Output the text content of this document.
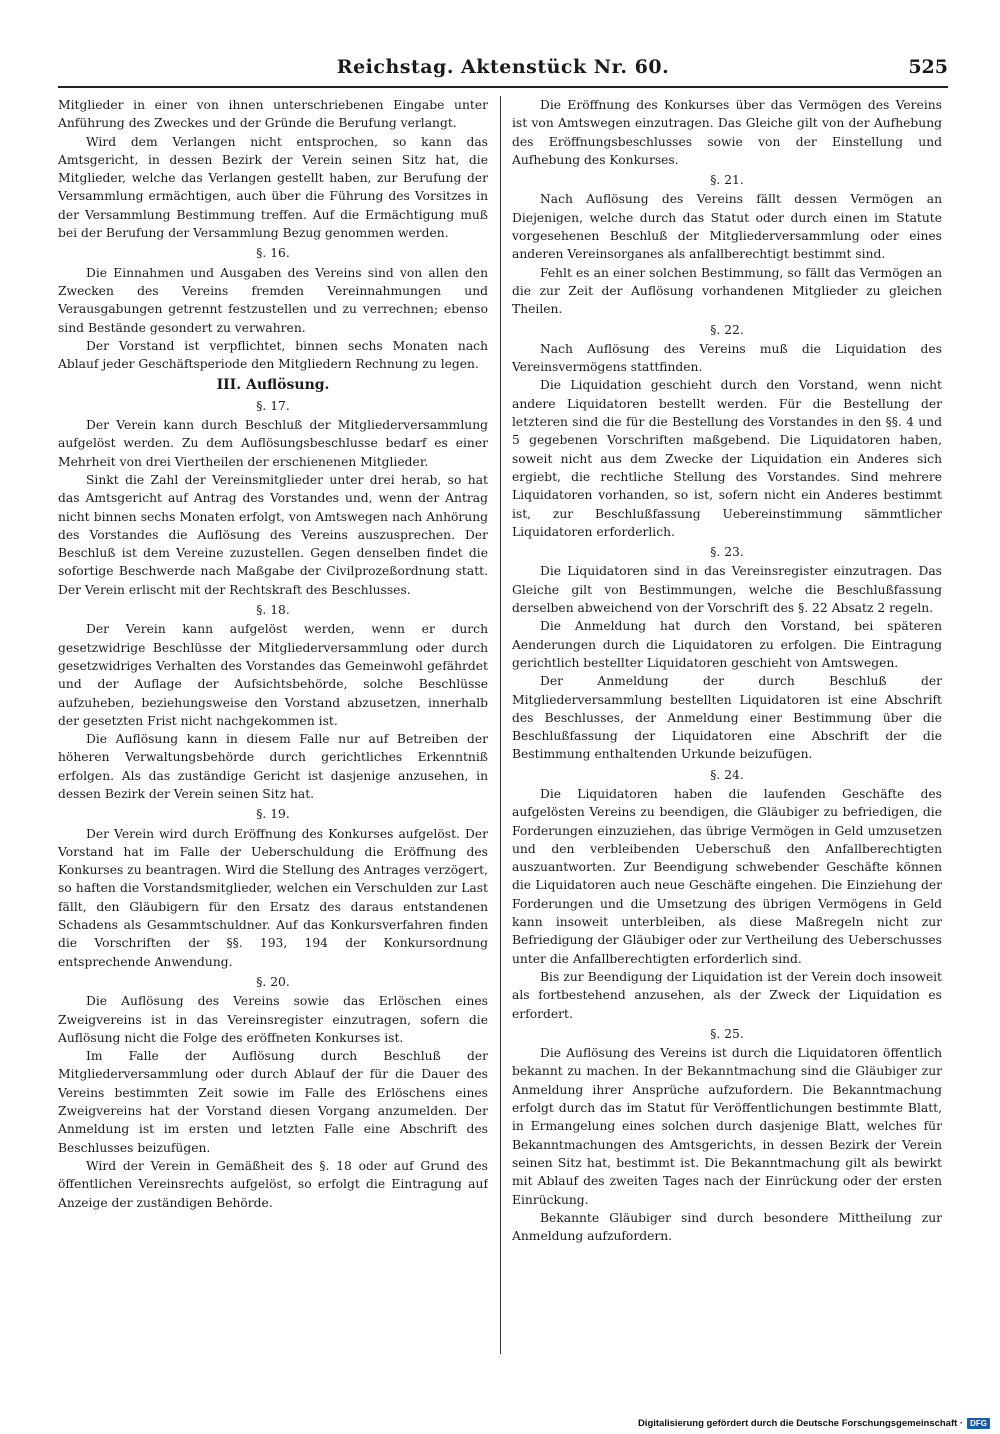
Reichstag. Aktenstück Nr. 60.	525

Mitglieder in einer von ihnen unterschriebenen Eingabe unter Anführung des Zweckes und der Gründe die Berufung verlangt.

Wird dem Verlangen nicht entsprochen, so kann das Amtsgericht, in dessen Bezirk der Verein seinen Sitz hat, die Mitglieder, welche das Verlangen gestellt haben, zur Berufung der Versammlung ermächtigen, auch über die Führung des Vorsitzes in der Versammlung Bestimmung treffen. Auf die Ermächtigung muß bei der Berufung der Versammlung Bezug genommen werden.

§. 16.

Die Einnahmen und Ausgaben des Vereins sind von allen den Zwecken des Vereins fremden Vereinnahmungen und Verausgabungen getrennt festzustellen und zu verrechnen; ebenso sind Bestände gesondert zu verwahren.

Der Vorstand ist verpflichtet, binnen sechs Monaten nach Ablauf jeder Geschäftsperiode den Mitgliedern Rechnung zu legen.

III. Auflösung.

§. 17.

Der Verein kann durch Beschluß der Mitgliederversammlung aufgelöst werden. Zu dem Auflösungsbeschlusse bedarf es einer Mehrheit von drei Viertheilen der erschienenen Mitglieder.

Sinkt die Zahl der Vereinsmitglieder unter drei herab, so hat das Amtsgericht auf Antrag des Vorstandes und, wenn der Antrag nicht binnen sechs Monaten erfolgt, von Amtswegen nach Anhörung des Vorstandes die Auflösung des Vereins auszusprechen. Der Beschluß ist dem Vereine zuzustellen. Gegen denselben findet die sofortige Beschwerde nach Maßgabe der Civilprozeßordnung statt. Der Verein erlischt mit der Rechtskraft des Beschlusses.

§. 18.

Der Verein kann aufgelöst werden, wenn er durch gesetzwidrige Beschlüsse der Mitgliederversammlung oder durch gesetzwidriges Verhalten des Vorstandes das Gemeinwohl gefährdet und der Auflage der Aufsichtsbehörde, solche Beschlüsse aufzuheben, beziehungsweise den Vorstand abzusetzen, innerhalb der gesetzten Frist nicht nachgekommen ist.

Die Auflösung kann in diesem Falle nur auf Betreiben der höheren Verwaltungsbehörde durch gerichtliches Erkenntniß erfolgen. Als das zuständige Gericht ist dasjenige anzusehen, in dessen Bezirk der Verein seinen Sitz hat.

§. 19.

Der Verein wird durch Eröffnung des Konkurses aufgelöst. Der Vorstand hat im Falle der Ueberschuldung die Eröffnung des Konkurses zu beantragen. Wird die Stellung des Antrages verzögert, so haften die Vorstandsmitglieder, welchen ein Verschulden zur Last fällt, den Gläubigern für den Ersatz des daraus entstandenen Schadens als Gesammtschuldner. Auf das Konkursverfahren finden die Vorschriften der §§. 193, 194 der Konkursordnung entsprechende Anwendung.

§. 20.

Die Auflösung des Vereins sowie das Erlöschen eines Zweigvereins ist in das Vereinsregister einzutragen, sofern die Auflösung nicht die Folge des eröffneten Konkurses ist.

Im Falle der Auflösung durch Beschluß der Mitgliederversammlung oder durch Ablauf der für die Dauer des Vereins bestimmten Zeit sowie im Falle des Erlöschens eines Zweigvereins hat der Vorstand diesen Vorgang anzumelden. Der Anmeldung ist im ersten und letzten Falle eine Abschrift des Beschlusses beizufügen.

Wird der Verein in Gemäßheit des §. 18 oder auf Grund des öffentlichen Vereinsrechts aufgelöst, so erfolgt die Eintragung auf Anzeige der zuständigen Behörde.

Die Eröffnung des Konkurses über das Vermögen des Vereins ist von Amtswegen einzutragen. Das Gleiche gilt von der Aufhebung des Eröffnungsbeschlusses sowie von der Einstellung und Aufhebung des Konkurses.

§. 21.

Nach Auflösung des Vereins fällt dessen Vermögen an Diejenigen, welche durch das Statut oder durch einen im Statute vorgesehenen Beschluß der Mitgliederversammlung oder eines anderen Vereinsorganes als anfallberechtigt bestimmt sind.

Fehlt es an einer solchen Bestimmung, so fällt das Vermögen an die zur Zeit der Auflösung vorhandenen Mitglieder zu gleichen Theilen.

§. 22.

Nach Auflösung des Vereins muß die Liquidation des Vereinsvermögens stattfinden.

Die Liquidation geschieht durch den Vorstand, wenn nicht andere Liquidatoren bestellt werden. Für die Bestellung der letzteren sind die für die Bestellung des Vorstandes in den §§. 4 und 5 gegebenen Vorschriften maßgebend. Die Liquidatoren haben, soweit nicht aus dem Zwecke der Liquidation ein Anderes sich ergiebt, die rechtliche Stellung des Vorstandes. Sind mehrere Liquidatoren vorhanden, so ist, sofern nicht ein Anderes bestimmt ist, zur Beschlußfassung Uebereinstimmung sämmtlicher Liquidatoren erforderlich.

§. 23.

Die Liquidatoren sind in das Vereinsregister einzutragen. Das Gleiche gilt von Bestimmungen, welche die Beschlußfassung derselben abweichend von der Vorschrift des §. 22 Absatz 2 regeln.

Die Anmeldung hat durch den Vorstand, bei späteren Aenderungen durch die Liquidatoren zu erfolgen. Die Eintragung gerichtlich bestellter Liquidatoren geschieht von Amtswegen.

Der Anmeldung der durch Beschluß der Mitgliederversammlung bestellten Liquidatoren ist eine Abschrift des Beschlusses, der Anmeldung einer Bestimmung über die Beschlußfassung der Liquidatoren eine Abschrift der die Bestimmung enthaltenden Urkunde beizufügen.

§. 24.

Die Liquidatoren haben die laufenden Geschäfte des aufgelösten Vereins zu beendigen, die Gläubiger zu befriedigen, die Forderungen einzuziehen, das übrige Vermögen in Geld umzusetzen und den verbleibenden Ueberschuß den Anfallberechtigten auszuantworten. Zur Beendigung schwebender Geschäfte können die Liquidatoren auch neue Geschäfte eingehen. Die Einziehung der Forderungen und die Umsetzung des übrigen Vermögens in Geld kann insoweit unterbleiben, als diese Maßregeln nicht zur Befriedigung der Gläubiger oder zur Vertheilung des Ueberschusses unter die Anfallberechtigten erforderlich sind.

Bis zur Beendigung der Liquidation ist der Verein doch insoweit als fortbestehend anzusehen, als der Zweck der Liquidation es erfordert.

§. 25.

Die Auflösung des Vereins ist durch die Liquidatoren öffentlich bekannt zu machen. In der Bekanntmachung sind die Gläubiger zur Anmeldung ihrer Ansprüche aufzufordern. Die Bekanntmachung erfolgt durch das im Statut für Veröffentlichungen bestimmte Blatt, in Ermangelung eines solchen durch dasjenige Blatt, welches für Bekanntmachungen des Amtsgerichts, in dessen Bezirk der Verein seinen Sitz hat, bestimmt ist. Die Bekanntmachung gilt als bewirkt mit Ablauf des zweiten Tages nach der Einrückung oder der ersten Einrückung.

Bekannte Gläubiger sind durch besondere Mittheilung zur Anmeldung aufzufordern.

Digitalisierung gefördert durch die Deutsche Forschungsgemeinschaft · DFG
